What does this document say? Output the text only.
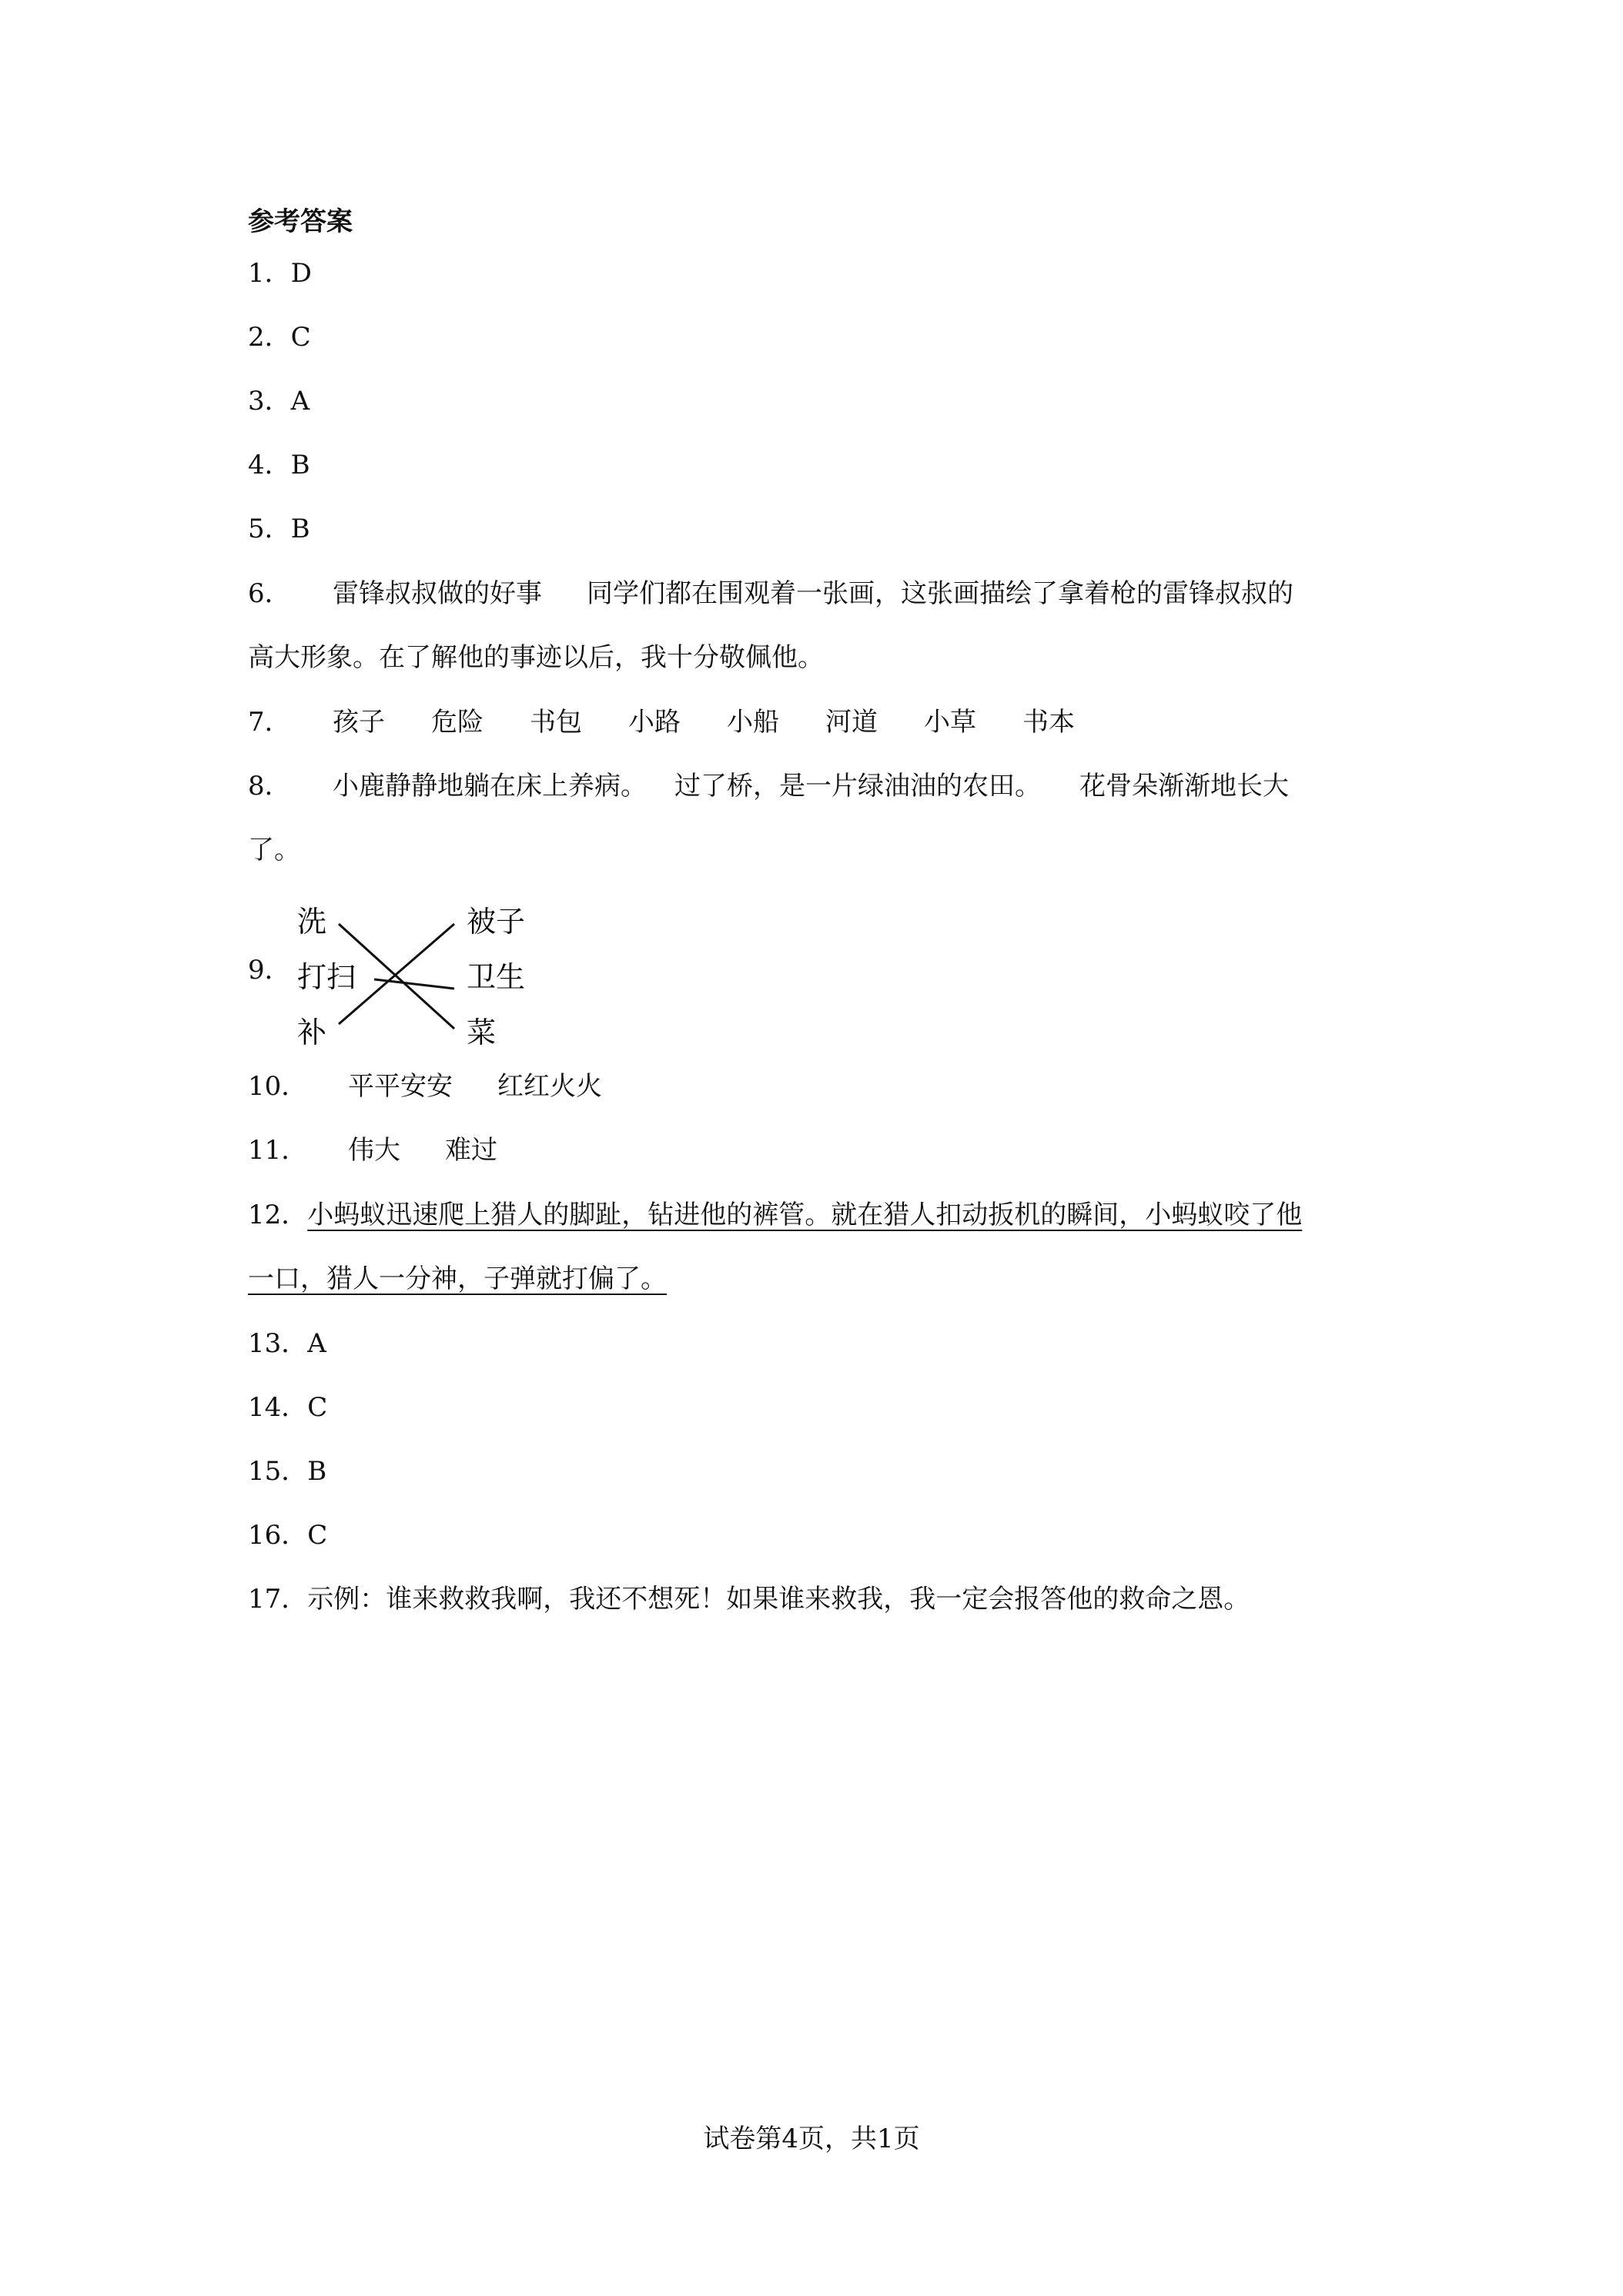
参考答案
1．D
2．C
3．A
4．B
5．B
6． 雷锋叔叔做的好事 同学们都在围观着一张画，这张画描绘了拿着枪的雷锋叔叔的
高大形象。在了解他的事迹以后，我十分敬佩他。
7． 孩子 危险 书包 小路 小船 河道 小草 书本
8． 小鹿静静地躺在床上养病。 过了桥，是一片绿油油的农田。 花骨朵渐渐地长大
了。
9．
洗
打扫
补
被子
卫生
菜
10． 平平安安 红红火火
11． 伟大 难过
12．小蚂蚁迅速爬上猎人的脚趾，钻进他的裤管。就在猎人扣动扳机的瞬间，小蚂蚁咬了他
一口，猎人一分神，子弹就打偏了。
13．A
14．C
15．B
16．C
17．示例：谁来救救我啊，我还不想死！如果谁来救我，我一定会报答他的救命之恩。
试卷第4页，共1页
